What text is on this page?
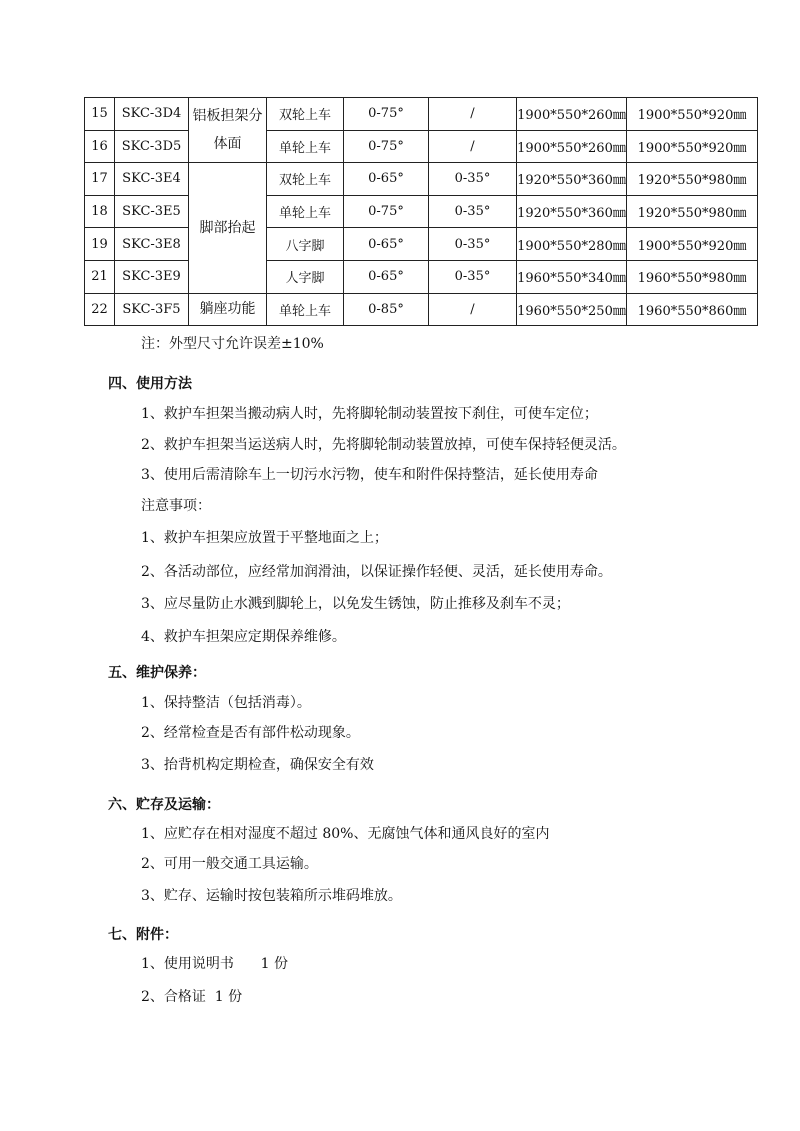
15	SKC-3D4	铝板担架分体面	双轮上车	0-75°	/	1900*550*260㎜	1900*550*920㎜
16	SKC-3D5		单轮上车	0-75°	/	1900*550*260㎜	1900*550*920㎜
17	SKC-3E4	脚部抬起	双轮上车	0-65°	0-35°	1920*550*360㎜	1920*550*980㎜
18	SKC-3E5		单轮上车	0-75°	0-35°	1920*550*360㎜	1920*550*980㎜
19	SKC-3E8		八字脚	0-65°	0-35°	1900*550*280㎜	1900*550*920㎜
21	SKC-3E9		人字脚	0-65°	0-35°	1960*550*340㎜	1960*550*980㎜
22	SKC-3F5	躺座功能	单轮上车	0-85°	/	1960*550*250㎜	1960*550*860㎜
注：外型尺寸允许误差±10%
四、使用方法
1、救护车担架当搬动病人时，先将脚轮制动装置按下刹住，可使车定位；
2、救护车担架当运送病人时，先将脚轮制动装置放掉，可使车保持轻便灵活。
3、使用后需清除车上一切污水污物，使车和附件保持整洁，延长使用寿命
注意事项：
1、救护车担架应放置于平整地面之上；
2、各活动部位，应经常加润滑油，以保证操作轻便、灵活，延长使用寿命。
3、应尽量防止水溅到脚轮上，以免发生锈蚀，防止推移及刹车不灵；
4、救护车担架应定期保养维修。
五、维护保养：
1、保持整洁（包括消毒）。
2、经常检查是否有部件松动现象。
3、抬背机构定期检查，确保安全有效
六、贮存及运输：
1、应贮存在相对湿度不超过 80%、无腐蚀气体和通风良好的室内
2、可用一般交通工具运输。
3、贮存、运输时按包装箱所示堆码堆放。
七、附件：
1、使用说明书      1 份
2、合格证  1 份
